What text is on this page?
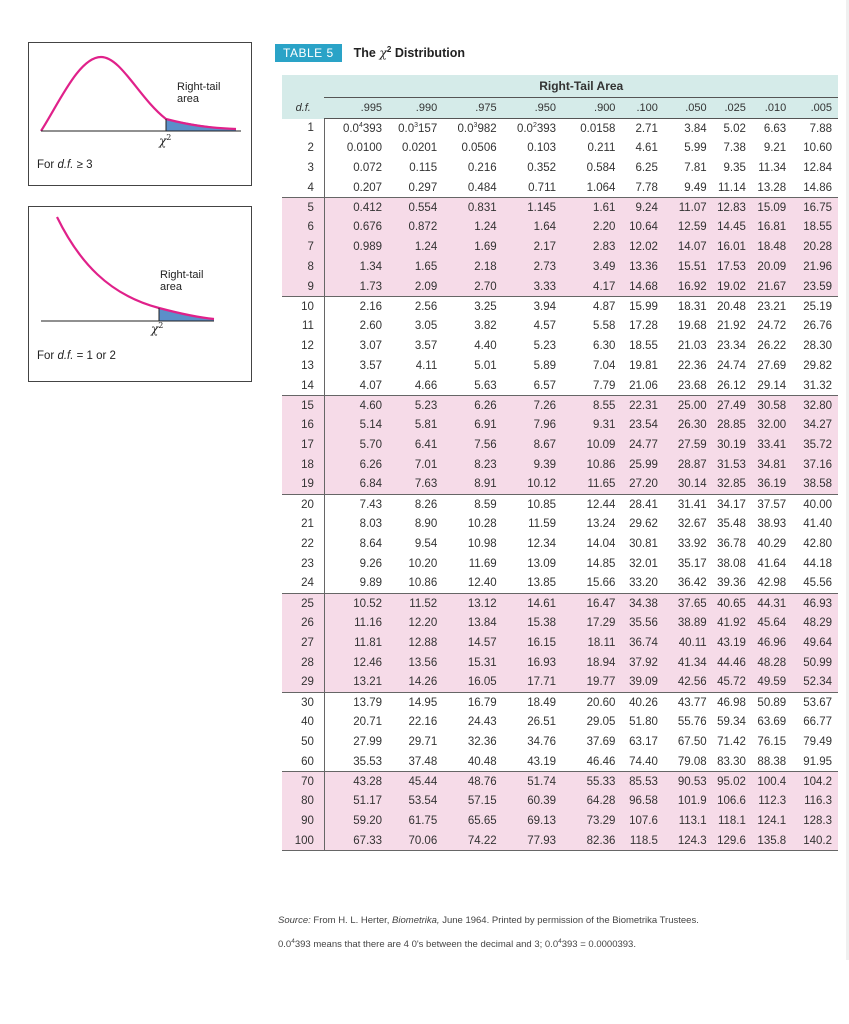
Right-tail
area
$\chi^2$
For d.f. ≥ 3
Right-tail
area
$\chi^2$
For d.f. = 1 or 2
TABLE 5	The $\chi^2$ Distribution
	Right-Tail Area									
d.f.	.995	.990	.975	.950	.900	.100	.050	.025	.010	.005
1	$0.0^4393$	$0.0^3157$	$0.0^3982$	$0.0^2393$	0.0158	2.71	3.84	5.02	6.63	7.88
2	0.0100	0.0201	0.0506	0.103	0.211	4.61	5.99	7.38	9.21	10.60
3	0.072	0.115	0.216	0.352	0.584	6.25	7.81	9.35	11.34	12.84
4	0.207	0.297	0.484	0.711	1.064	7.78	9.49	11.14	13.28	14.86
5	0.412	0.554	0.831	1.145	1.61	9.24	11.07	12.83	15.09	16.75
6	0.676	0.872	1.24	1.64	2.20	10.64	12.59	14.45	16.81	18.55
7	0.989	1.24	1.69	2.17	2.83	12.02	14.07	16.01	18.48	20.28
8	1.34	1.65	2.18	2.73	3.49	13.36	15.51	17.53	20.09	21.96
9	1.73	2.09	2.70	3.33	4.17	14.68	16.92	19.02	21.67	23.59
10	2.16	2.56	3.25	3.94	4.87	15.99	18.31	20.48	23.21	25.19
11	2.60	3.05	3.82	4.57	5.58	17.28	19.68	21.92	24.72	26.76
12	3.07	3.57	4.40	5.23	6.30	18.55	21.03	23.34	26.22	28.30
13	3.57	4.11	5.01	5.89	7.04	19.81	22.36	24.74	27.69	29.82
14	4.07	4.66	5.63	6.57	7.79	21.06	23.68	26.12	29.14	31.32
15	4.60	5.23	6.26	7.26	8.55	22.31	25.00	27.49	30.58	32.80
16	5.14	5.81	6.91	7.96	9.31	23.54	26.30	28.85	32.00	34.27
17	5.70	6.41	7.56	8.67	10.09	24.77	27.59	30.19	33.41	35.72
18	6.26	7.01	8.23	9.39	10.86	25.99	28.87	31.53	34.81	37.16
19	6.84	7.63	8.91	10.12	11.65	27.20	30.14	32.85	36.19	38.58
20	7.43	8.26	8.59	10.85	12.44	28.41	31.41	34.17	37.57	40.00
21	8.03	8.90	10.28	11.59	13.24	29.62	32.67	35.48	38.93	41.40
22	8.64	9.54	10.98	12.34	14.04	30.81	33.92	36.78	40.29	42.80
23	9.26	10.20	11.69	13.09	14.85	32.01	35.17	38.08	41.64	44.18
24	9.89	10.86	12.40	13.85	15.66	33.20	36.42	39.36	42.98	45.56
25	10.52	11.52	13.12	14.61	16.47	34.38	37.65	40.65	44.31	46.93
26	11.16	12.20	13.84	15.38	17.29	35.56	38.89	41.92	45.64	48.29
27	11.81	12.88	14.57	16.15	18.11	36.74	40.11	43.19	46.96	49.64
28	12.46	13.56	15.31	16.93	18.94	37.92	41.34	44.46	48.28	50.99
29	13.21	14.26	16.05	17.71	19.77	39.09	42.56	45.72	49.59	52.34
30	13.79	14.95	16.79	18.49	20.60	40.26	43.77	46.98	50.89	53.67
40	20.71	22.16	24.43	26.51	29.05	51.80	55.76	59.34	63.69	66.77
50	27.99	29.71	32.36	34.76	37.69	63.17	67.50	71.42	76.15	79.49
60	35.53	37.48	40.48	43.19	46.46	74.40	79.08	83.30	88.38	91.95
70	43.28	45.44	48.76	51.74	55.33	85.53	90.53	95.02	100.4	104.2
80	51.17	53.54	57.15	60.39	64.28	96.58	101.9	106.6	112.3	116.3
90	59.20	61.75	65.65	69.13	73.29	107.6	113.1	118.1	124.1	128.3
100	67.33	70.06	74.22	77.93	82.36	118.5	124.3	129.6	135.8	140.2
Source: From H. L. Herter, Biometrika, June 1964. Printed by permission of the Biometrika Trustees.
$0.0^4393$ means that there are 4 0's between the decimal and 3; $0.0^4393 = 0.0000393$.
